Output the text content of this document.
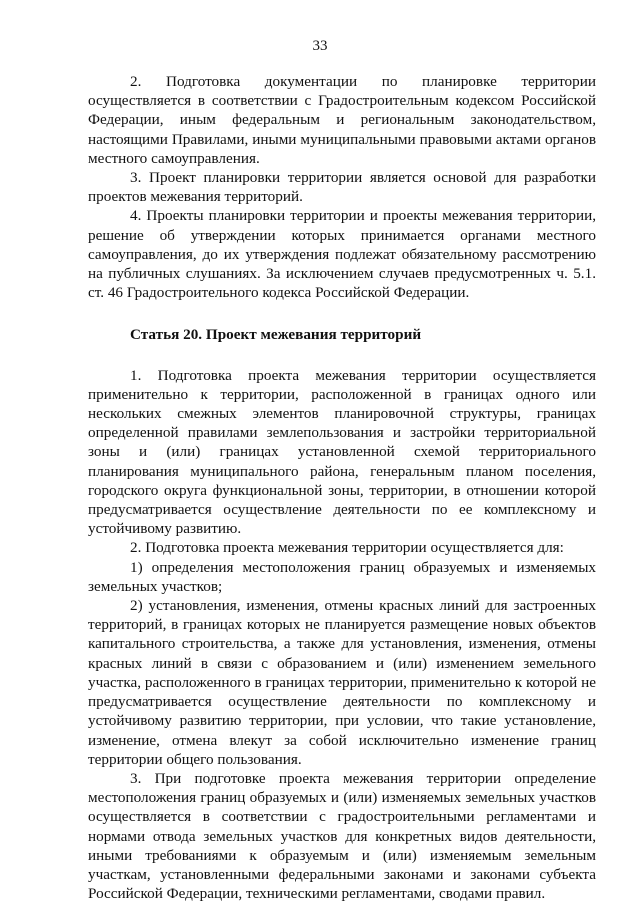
33

2. Подготовка документации по планировке территории осуществляется в соответствии с Градостроительным кодексом Российской Федерации, иным федеральным и региональным законодательством, настоящими Правилами, иными муниципальными правовыми актами органов местного самоуправления.

3. Проект планировки территории является основой для разработки проектов межевания территорий.

4. Проекты планировки территории и проекты межевания территории, решение об утверждении которых принимается органами местного самоуправления, до их утверждения подлежат обязательному рассмотрению на публичных слушаниях. За исключением случаев предусмотренных ч. 5.1. ст. 46 Градостроительного кодекса Российской Федерации.

Статья 20. Проект межевания территорий

1. Подготовка проекта межевания территории осуществляется применительно к территории, расположенной в границах одного или нескольких смежных элементов планировочной структуры, границах определенной правилами землепользования и застройки территориальной зоны и (или) границах установленной схемой территориального планирования муниципального района, генеральным планом поселения, городского округа функциональной зоны, территории, в отношении которой предусматривается осуществление деятельности по ее комплексному и устойчивому развитию.

2. Подготовка проекта межевания территории осуществляется для:

1) определения местоположения границ образуемых и изменяемых земельных участков;

2) установления, изменения, отмены красных линий для застроенных территорий, в границах которых не планируется размещение новых объектов капитального строительства, а также для установления, изменения, отмены красных линий в связи с образованием и (или) изменением земельного участка, расположенного в границах территории, применительно к которой не предусматривается осуществление деятельности по комплексному и устойчивому развитию территории, при условии, что такие установление, изменение, отмена влекут за собой исключительно изменение границ территории общего пользования.

3. При подготовке проекта межевания территории определение местоположения границ образуемых и (или) изменяемых земельных участков осуществляется в соответствии с градостроительными регламентами и нормами отвода земельных участков для конкретных видов деятельности, иными требованиями к образуемым и (или) изменяемым земельным участкам, установленными федеральными законами и законами субъекта Российской Федерации, техническими регламентами, сводами правил.
